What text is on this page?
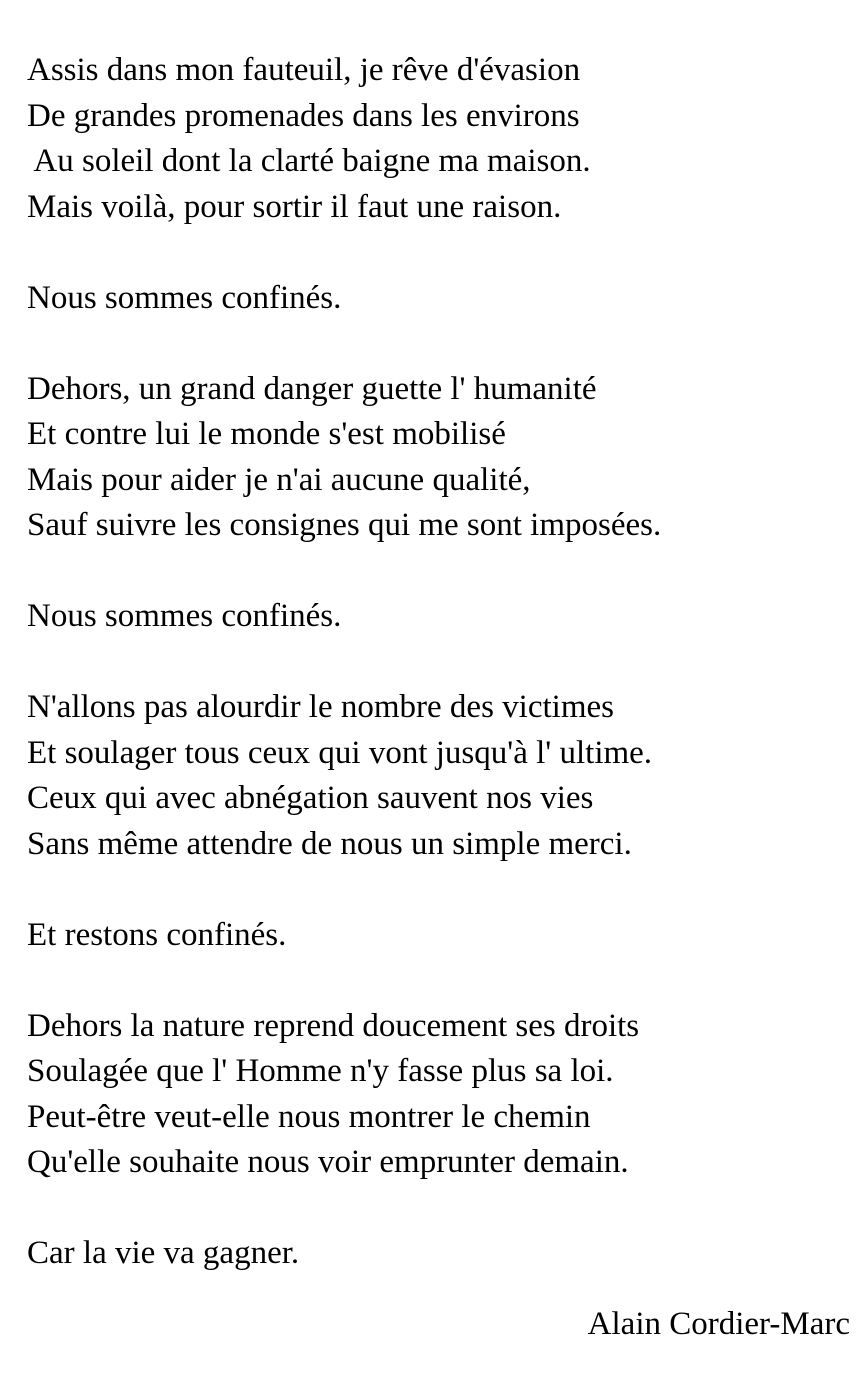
Assis dans mon fauteuil, je rêve d'évasion
De grandes promenades dans les environs
Au soleil dont la clarté baigne ma maison.
Mais voilà, pour sortir il faut une raison.
Nous sommes confinés.
Dehors, un grand danger guette l' humanité
Et contre lui le monde s'est mobilisé
Mais pour aider je n'ai aucune qualité,
Sauf suivre les consignes qui me sont imposées.
Nous sommes confinés.
N'allons pas alourdir le nombre des victimes
Et soulager tous ceux qui vont jusqu'à l' ultime.
Ceux qui avec abnégation sauvent nos vies
Sans même attendre de nous un simple merci.
Et restons confinés.
Dehors la nature reprend doucement ses droits
Soulagée que l' Homme n'y fasse plus sa loi.
Peut-être veut-elle nous montrer le chemin
Qu'elle souhaite nous voir emprunter demain.
Car la vie va gagner.
Alain Cordier-Marc
